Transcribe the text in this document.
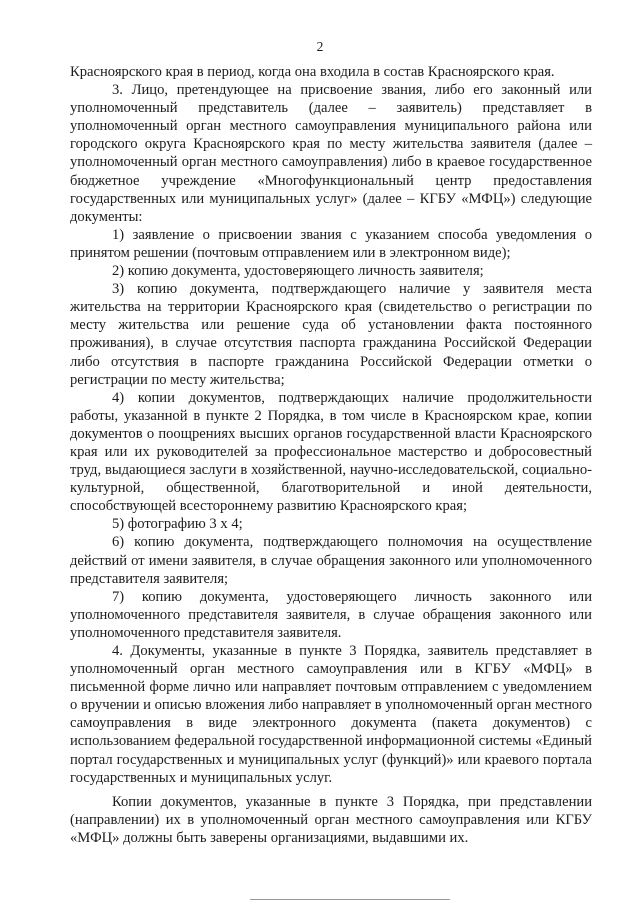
2

Красноярского края в период, когда она входила в состав Красноярского края.

3. Лицо, претендующее на присвоение звания, либо его законный или уполномоченный представитель (далее – заявитель) представляет в уполномоченный орган местного самоуправления муниципального района или городского округа Красноярского края по месту жительства заявителя (далее – уполномоченный орган местного самоуправления) либо в краевое государственное бюджетное учреждение «Многофункциональный центр предоставления государственных или муниципальных услуг» (далее – КГБУ «МФЦ») следующие документы:

1) заявление о присвоении звания с указанием способа уведомления о принятом решении (почтовым отправлением или в электронном виде);

2) копию документа, удостоверяющего личность заявителя;

3) копию документа, подтверждающего наличие у заявителя места жительства на территории Красноярского края (свидетельство о регистрации по месту жительства или решение суда об установлении факта постоянного проживания), в случае отсутствия паспорта гражданина Российской Федерации либо отсутствия в паспорте гражданина Российской Федерации отметки о регистрации по месту жительства;

4) копии документов, подтверждающих наличие продолжительности работы, указанной в пункте 2 Порядка, в том числе в Красноярском крае, копии документов о поощрениях высших органов государственной власти Красноярского края или их руководителей за профессиональное мастерство и добросовестный труд, выдающиеся заслуги в хозяйственной, научно-исследовательской, социально-культурной, общественной, благотворительной и иной деятельности, способствующей всестороннему развитию Красноярского края;

5) фотографию 3 х 4;

6) копию документа, подтверждающего полномочия на осуществление действий от имени заявителя, в случае обращения законного или уполномоченного представителя заявителя;

7) копию документа, удостоверяющего личность законного или уполномоченного представителя заявителя, в случае обращения законного или уполномоченного представителя заявителя.

4. Документы, указанные в пункте 3 Порядка, заявитель представляет в уполномоченный орган местного самоуправления или в КГБУ «МФЦ» в письменной форме лично или направляет почтовым отправлением с уведомлением о вручении и описью вложения либо направляет в уполномоченный орган местного самоуправления в виде электронного документа (пакета документов) с использованием федеральной государственной информационной системы «Единый портал государственных и муниципальных услуг (функций)» или краевого портала государственных и муниципальных услуг.

Копии документов, указанные в пункте 3 Порядка, при представлении (направлении) их в уполномоченный орган местного самоуправления или КГБУ «МФЦ» должны быть заверены организациями, выдавшими их.
